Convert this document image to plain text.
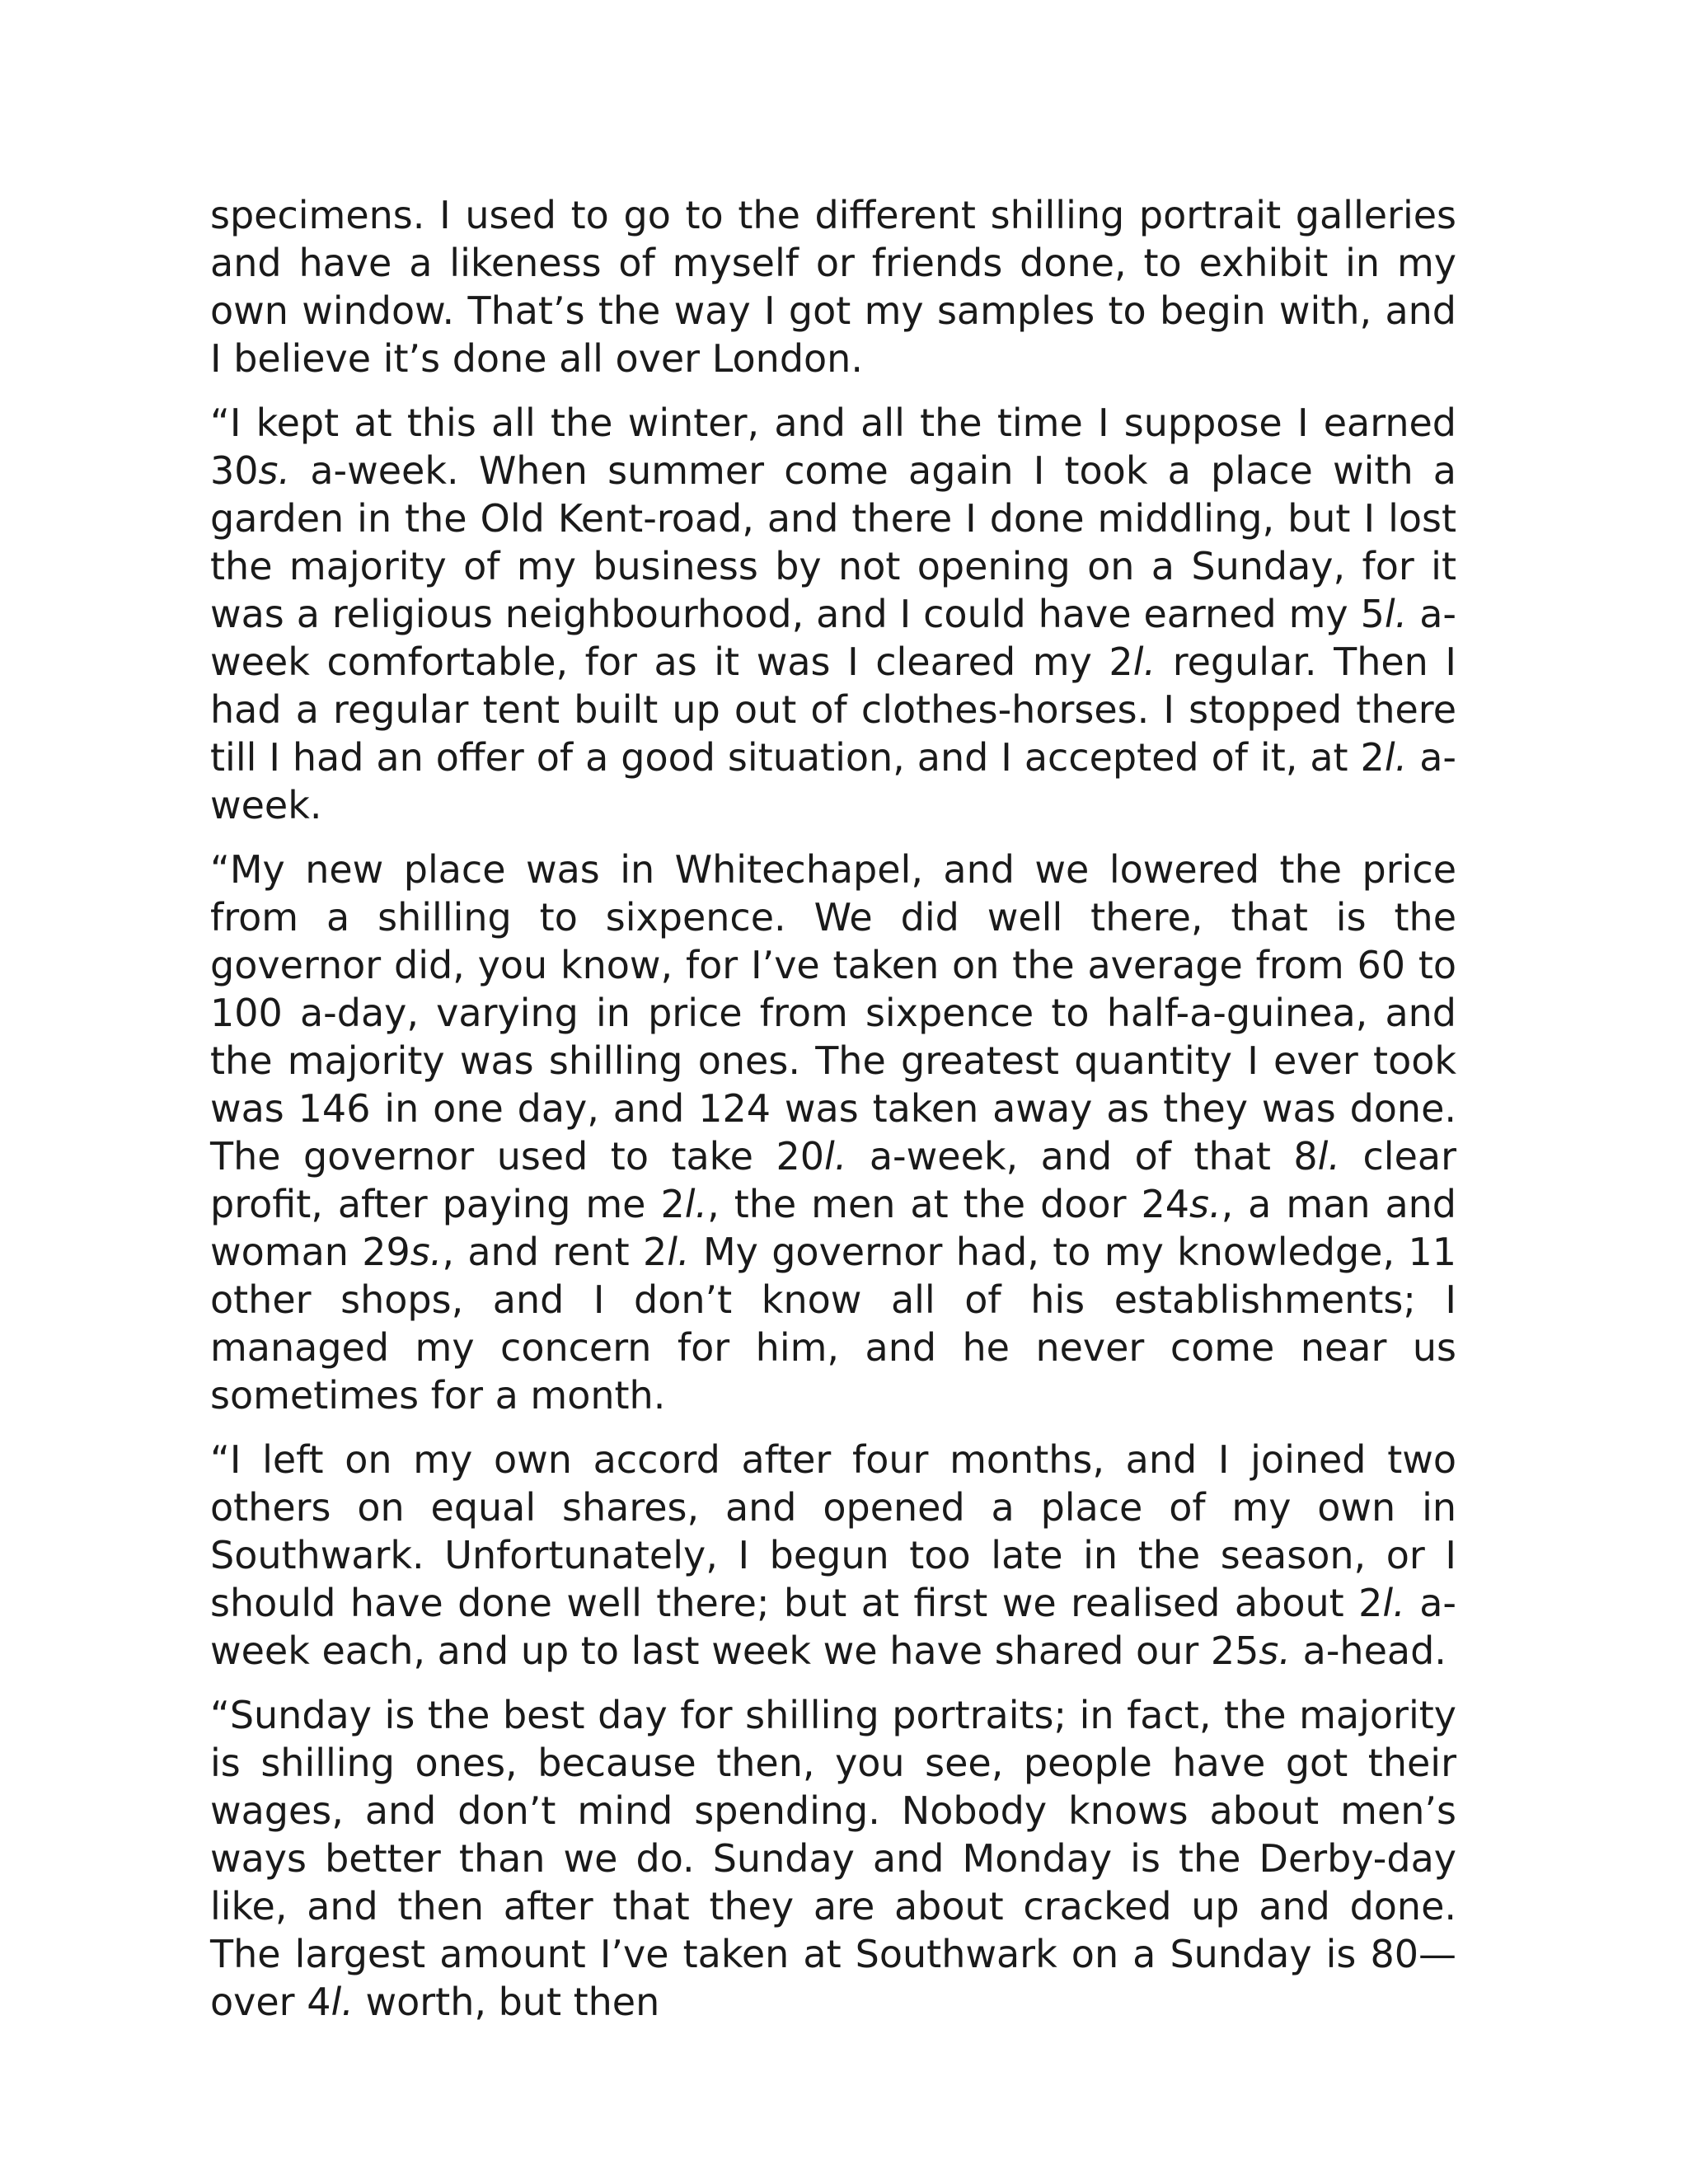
specimens. I used to go to the different shilling portrait galleries and have a likeness of myself or friends done, to exhibit in my own window. That’s the way I got my samples to begin with, and I believe it’s done all over London.

“I kept at this all the winter, and all the time I suppose I earned 30s. a-week. When summer come again I took a place with a garden in the Old Kent-road, and there I done middling, but I lost the majority of my business by not opening on a Sunday, for it was a religious neighbourhood, and I could have earned my 5l. a-week comfortable, for as it was I cleared my 2l. regular. Then I had a regular tent built up out of clothes-horses. I stopped there till I had an offer of a good situation, and I accepted of it, at 2l. a-week.

“My new place was in Whitechapel, and we lowered the price from a shilling to sixpence. We did well there, that is the governor did, you know, for I’ve taken on the average from 60 to 100 a-day, varying in price from sixpence to half-a-guinea, and the majority was shilling ones. The greatest quantity I ever took was 146 in one day, and 124 was taken away as they was done. The governor used to take 20l. a-​week, and of that 8l. clear profit, after paying me 2l., the men at the door 24s., a man and woman 29s., and rent 2l. My governor had, to my knowledge, 11 other shops, and I don’t know all of his establishments; I managed my concern for him, and he never come near us sometimes for a month.

“I left on my own accord after four months, and I joined two others on equal shares, and opened a place of my own in Southwark. Unfortunately, I begun too late in the season, or I should have done well there; but at first we realised about 2l. a-week each, and up to last week we have shared our 25s. a-head.

“Sunday is the best day for shilling portraits; in fact, the majority is shilling ones, because then, you see, people have got their wages, and don’t mind spending. Nobody knows about men’s ways better than we do. Sunday and Monday is the Derby-day like, and then after that they are about cracked up and done. The largest amount I’ve taken at Southwark on a Sunday is 80—over 4l. worth, but then
